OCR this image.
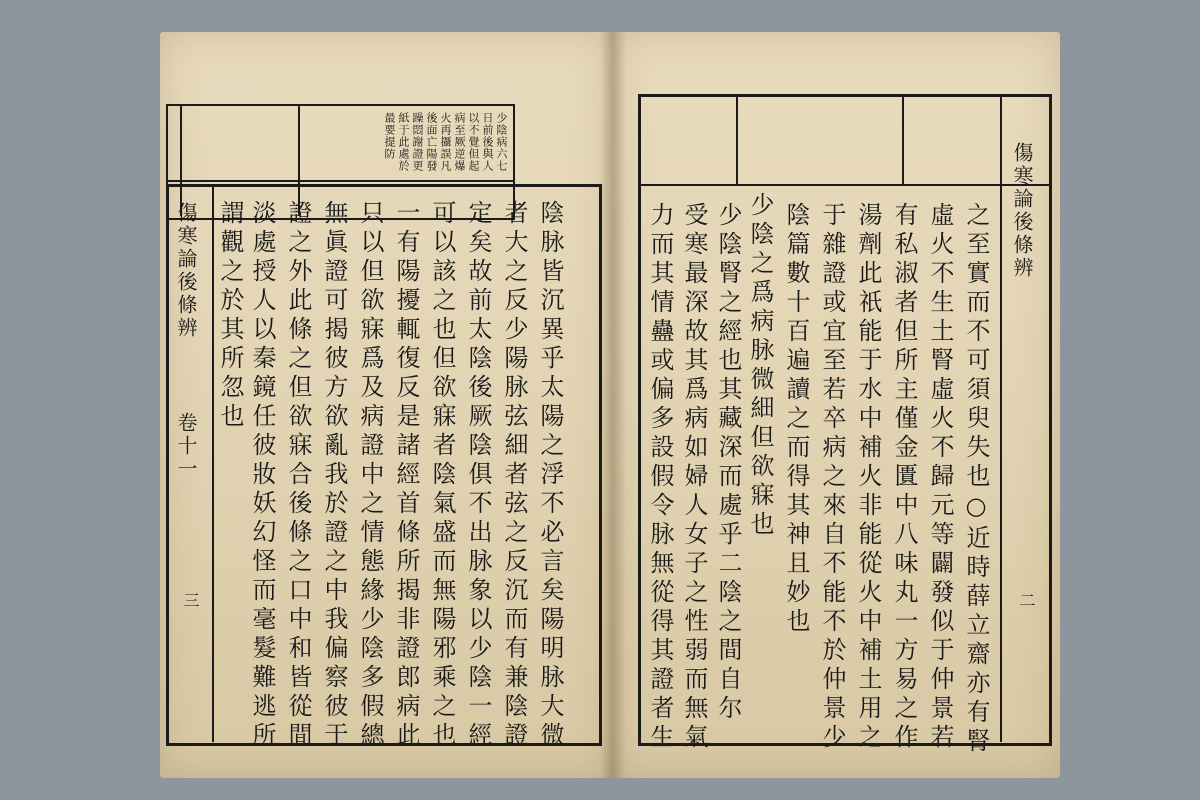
少陰病六七
日前後與人
以不覺但起
病至厥逆爆
火再攝誤凡
後面亡陽發
躁悶謝證更
紙于此處於
最要提防
傷寒論後條辨
卷十一
三	陰脉皆沉異乎太陽之浮不必言矣陽明脉大微
者大之反少陽脉弦細者弦之反沉而有兼陰證
定矣故前太陰後厥陰俱不出脉象以少陰一經
可以該之也但欲寐者陰氣盛而無陽邪乘之也
一有陽擾輒復反是諸經首條所揭非證郎病此
只以但欲寐爲及病證中之情態緣少陰多假總
無眞證可揭彼方欲亂我於證之中我偏察彼于
證之外此條之但欲寐合後條之口中和皆從間
淡處授人以秦鏡任彼妝妖幻怪而毫髮難逃所
謂觀之於其所忽也	傷寒論後條辨
二
之至實而不可須臾失也○近時薛立齋亦有腎
虛火不生土腎虛火不歸元等闢發似于仲景若
有私淑者但所主僅金匱中八味丸一方易之作
湯劑此祇能于水中補火非能從火中補土用之
于雜證或宜至若卒病之來自不能不於仲景少
陰篇數十百遍讀之而得其神且妙也
少陰之爲病脉微細但欲寐也
少陰腎之經也其藏深而處乎二陰之間自尔
受寒最深故其爲病如婦人女子之性弱而無氣
力而其情蠱或偏多設假令脉無從得其證者生
